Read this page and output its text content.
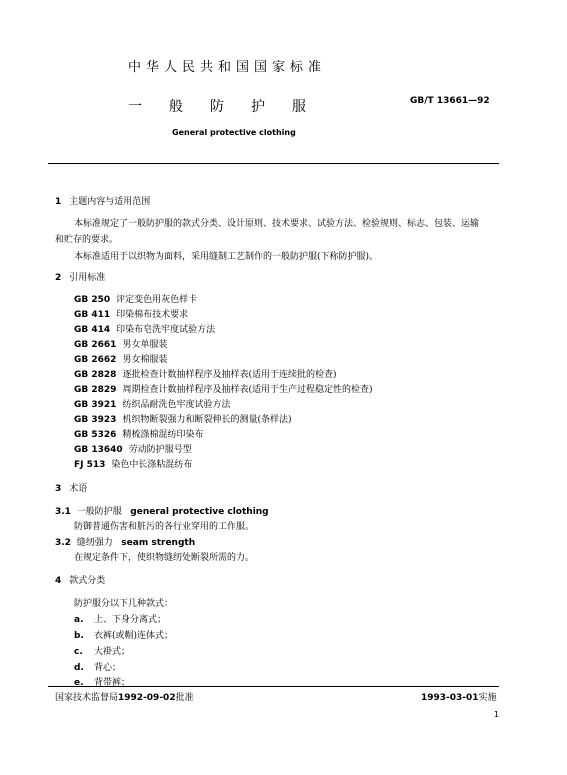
中华人民共和国国家标准
一般防护服	GB/T 13661—92
General protective clothing
1 主题内容与适用范围
本标准规定了一般防护服的款式分类、设计原则、技术要求、试验方法、检验规则、标志、包装、运输
和贮存的要求。
本标准适用于以织物为面料，采用缝制工艺制作的一般防护服(下称防护服)。
2 引用标准
GB 250 评定变色用灰色样卡
GB 411 印染棉布技术要求
GB 414 印染布皂洗牢度试验方法
GB 2661 男女单服装
GB 2662 男女棉服装
GB 2828 逐批检查计数抽样程序及抽样表(适用于连续批的检查)
GB 2829 周期检查计数抽样程序及抽样表(适用于生产过程稳定性的检查)
GB 3921 纺织品耐洗色牢度试验方法
GB 3923 机织物断裂强力和断裂伸长的测量(条样法)
GB 5326 精梳涤棉混纺印染布
GB 13640 劳动防护服号型
FJ 513 染色中长涤粘混纺布
3 术语
3.1 一般防护服 general protective clothing
防御普通伤害和脏污的各行业穿用的工作服。
3.2 缝纫强力 seam strength
在规定条件下，使织物缝纫处断裂所需的力。
4 款式分类
防护服分以下几种款式：
a. 上、下身分离式；
b. 衣裤(或帽)连体式；
c. 大褂式；
d. 背心；
e. 背带裤；
国家技术监督局1992-09-02批准	1993-03-01实施
1
